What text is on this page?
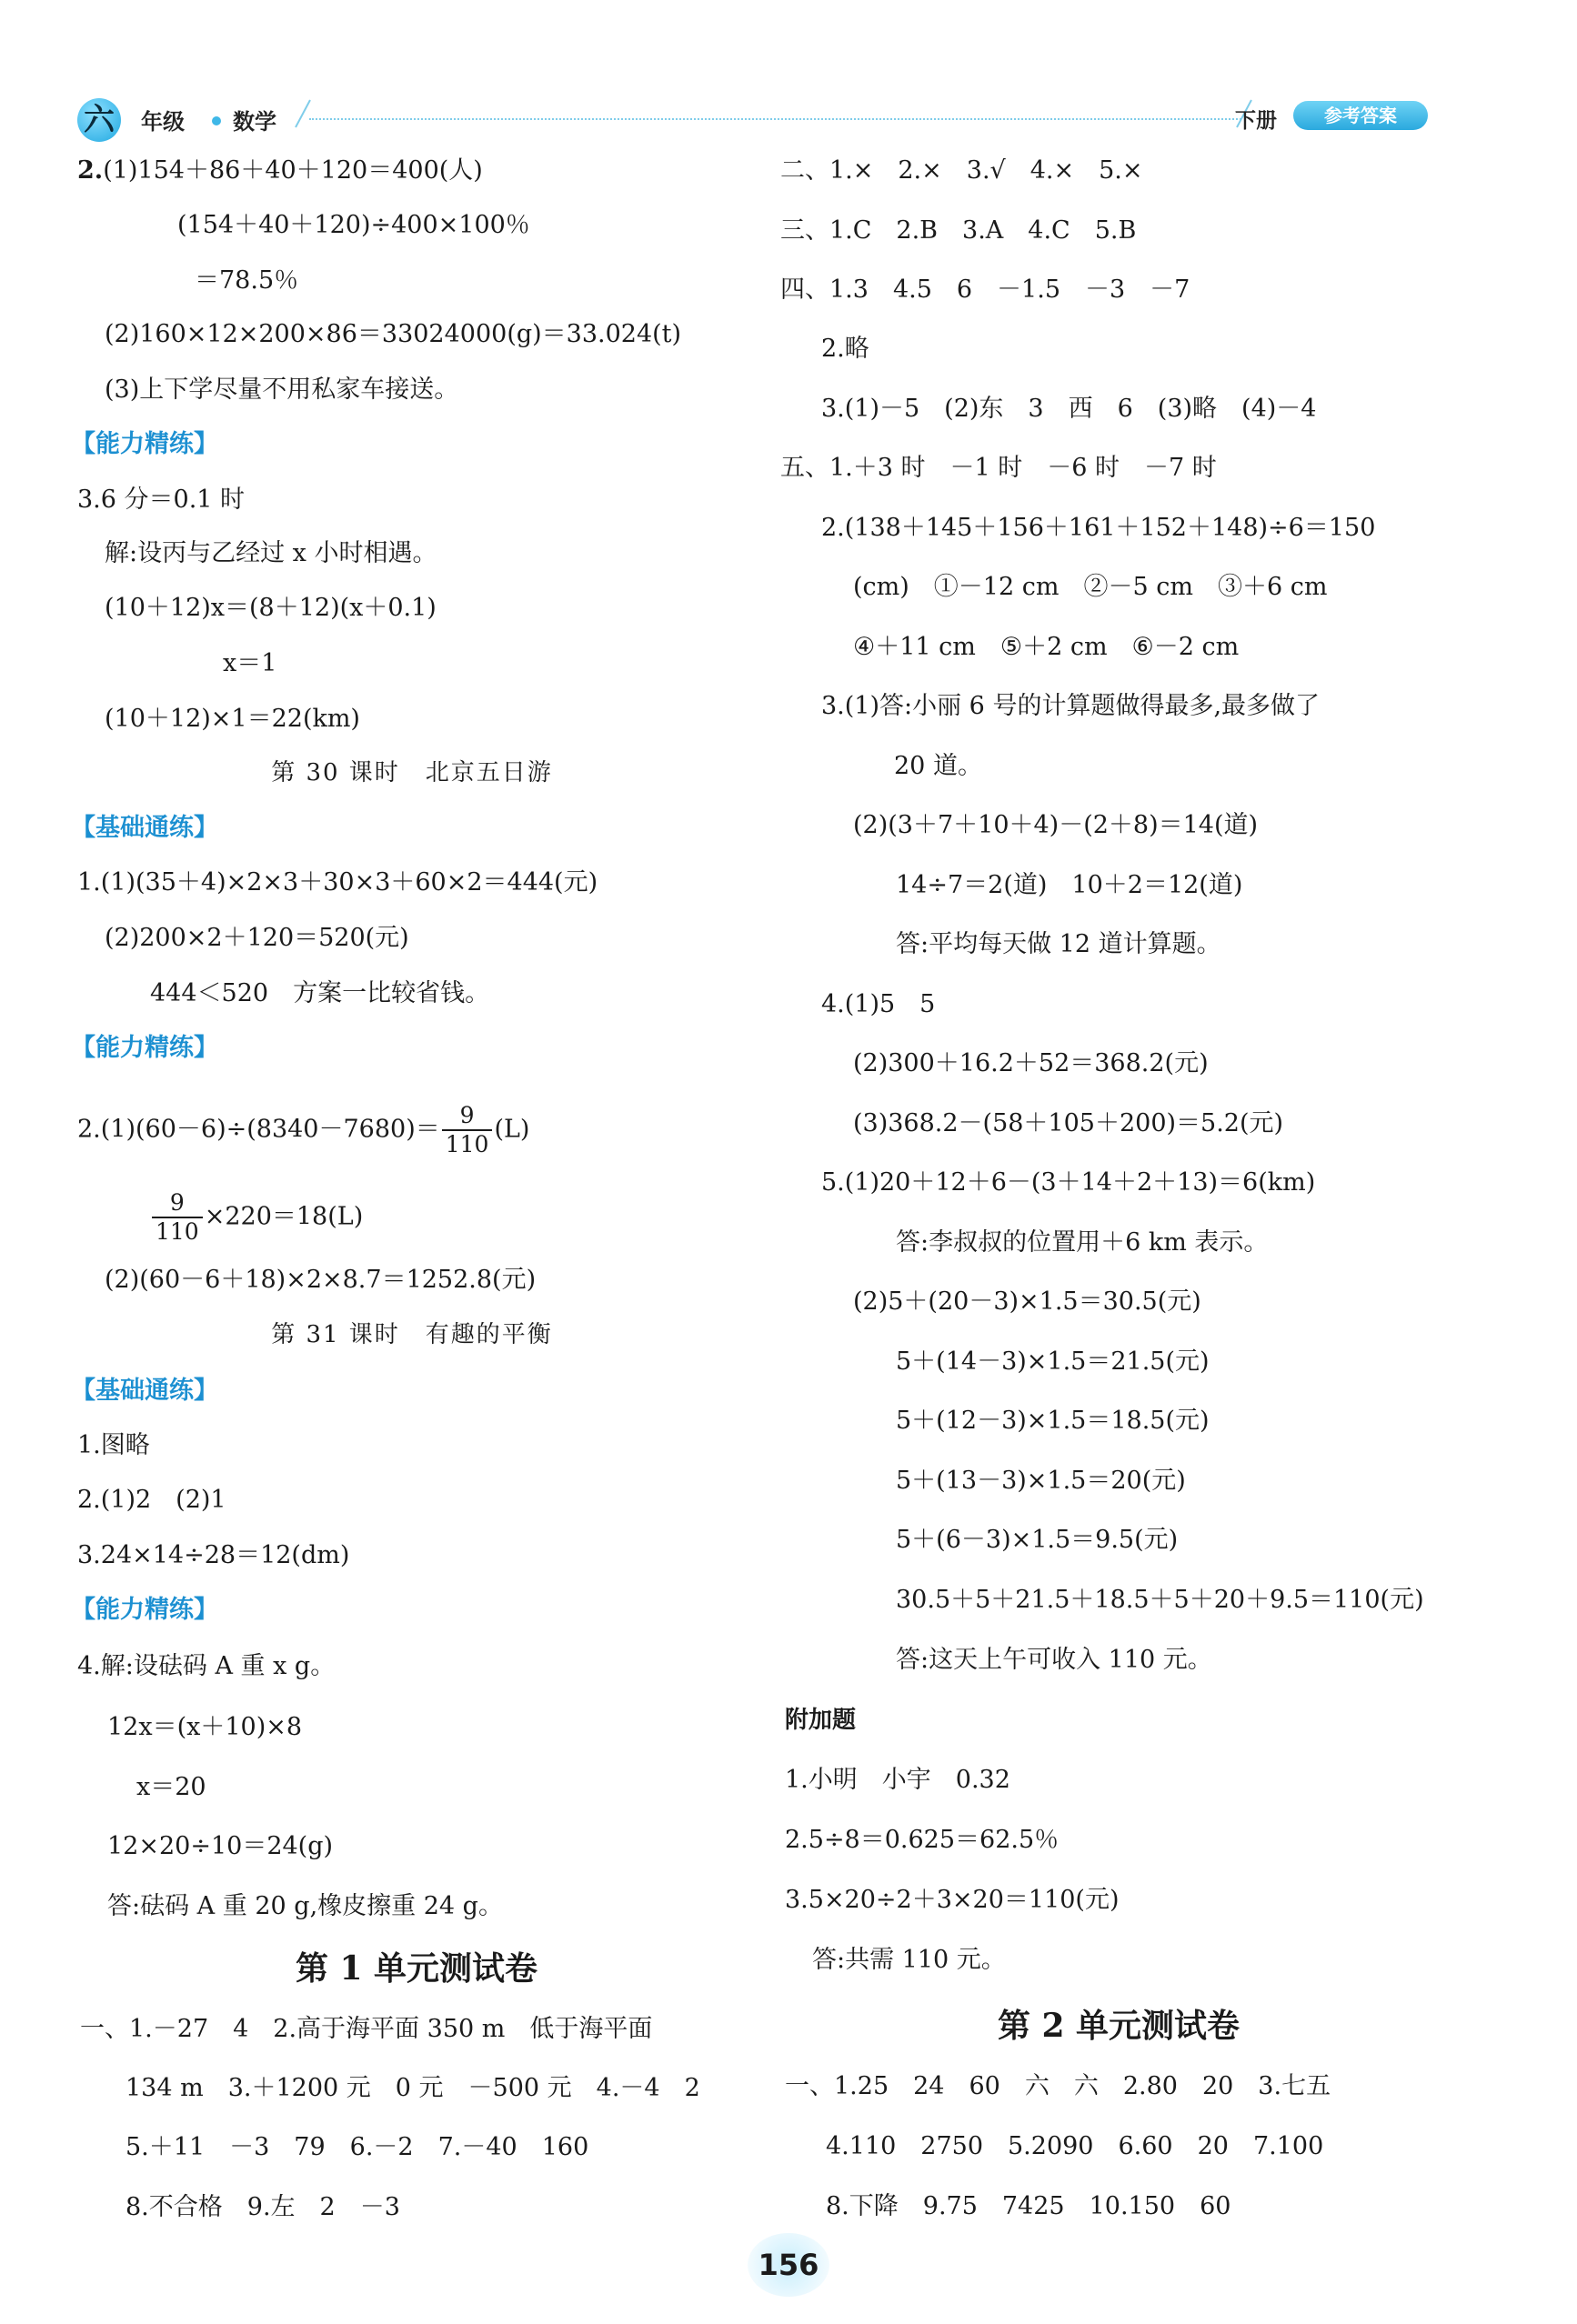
六 年级 数学	下册	参考答案
2.
(1)154＋86＋40＋120＝400(人)
(154＋40＋120)÷400×100％
＝78.5％
(2)160×12×200×86＝33024000(g)＝33.024(t)
(3)上下学尽量不用私家车接送。
【能力精练】
3.6 分＝0.1 时
解:设丙与乙经过 x 小时相遇。
(10＋12)x＝(8＋12)(x＋0.1)
x＝1
(10＋12)×1＝22(km)
第 30 课时　北京五日游
【基础通练】
1.(1)(35＋4)×2×3＋30×3＋60×2＝444(元)
(2)200×2＋120＝520(元)
444＜520　方案一比较省钱。
【能力精练】
$2.(1)(60-6)\div(8340-7680)= \frac{9}{110} (L)$
$\frac{9}{110} \times 220=18(L)$
(2)(60－6＋18)×2×8.7＝1252.8(元)
第 31 课时　有趣的平衡
【基础通练】
1.图略
2.(1)2　(2)1
3.24×14÷28＝12(dm)
【能力精练】
4.解:设砝码 A 重 x g。
12x＝(x＋10)×8
x＝20
12×20÷10＝24(g)
答:砝码 A 重 20 g,橡皮擦重 24 g。
第 1 单元测试卷
一、1.－27　4　2.高于海平面 350 m　低于海平面
134 m　3.＋1200 元　0 元　－500 元　4.－4　2
5.＋11　－3　79　6.－2　7.－40　160
8.不合格　9.左　2　－3
二、1.×　2.×　3.√　4.×　5.×
三、1.C　2.B　3.A　4.C　5.B
四、1.3　4.5　6　－1.5　－3　－7
2.略
3.(1)－5　(2)东　3　西　6　(3)略　(4)－4
五、1.＋3 时　－1 时　－6 时　－7 时
2.(138＋145＋156＋161＋152＋148)÷6＝150
(cm)　①－12 cm　②－5 cm　③＋6 cm
④＋11 cm　⑤＋2 cm　⑥－2 cm
3.(1)答:小丽 6 号的计算题做得最多,最多做了
20 道。
(2)(3＋7＋10＋4)－(2＋8)＝14(道)
14÷7＝2(道)　10＋2＝12(道)
答:平均每天做 12 道计算题。
4.(1)5　5
(2)300＋16.2＋52＝368.2(元)
(3)368.2－(58＋105＋200)＝5.2(元)
5.(1)20＋12＋6－(3＋14＋2＋13)＝6(km)
答:李叔叔的位置用＋6 km 表示。
(2)5＋(20－3)×1.5＝30.5(元)
5＋(14－3)×1.5＝21.5(元)
5＋(12－3)×1.5＝18.5(元)
5＋(13－3)×1.5＝20(元)
5＋(6－3)×1.5＝9.5(元)
30.5＋5＋21.5＋18.5＋5＋20＋9.5＝110(元)
答:这天上午可收入 110 元。
附加题
1.小明　小宇　0.32
2.5÷8＝0.625＝62.5％
3.5×20÷2＋3×20＝110(元)
答:共需 110 元。
第 2 单元测试卷
一、1.25　24　60　六　六　2.80　20　3.七五
4.110　2750　5.2090　6.60　20　7.100
8.下降　9.75　7425　10.150　60
156
